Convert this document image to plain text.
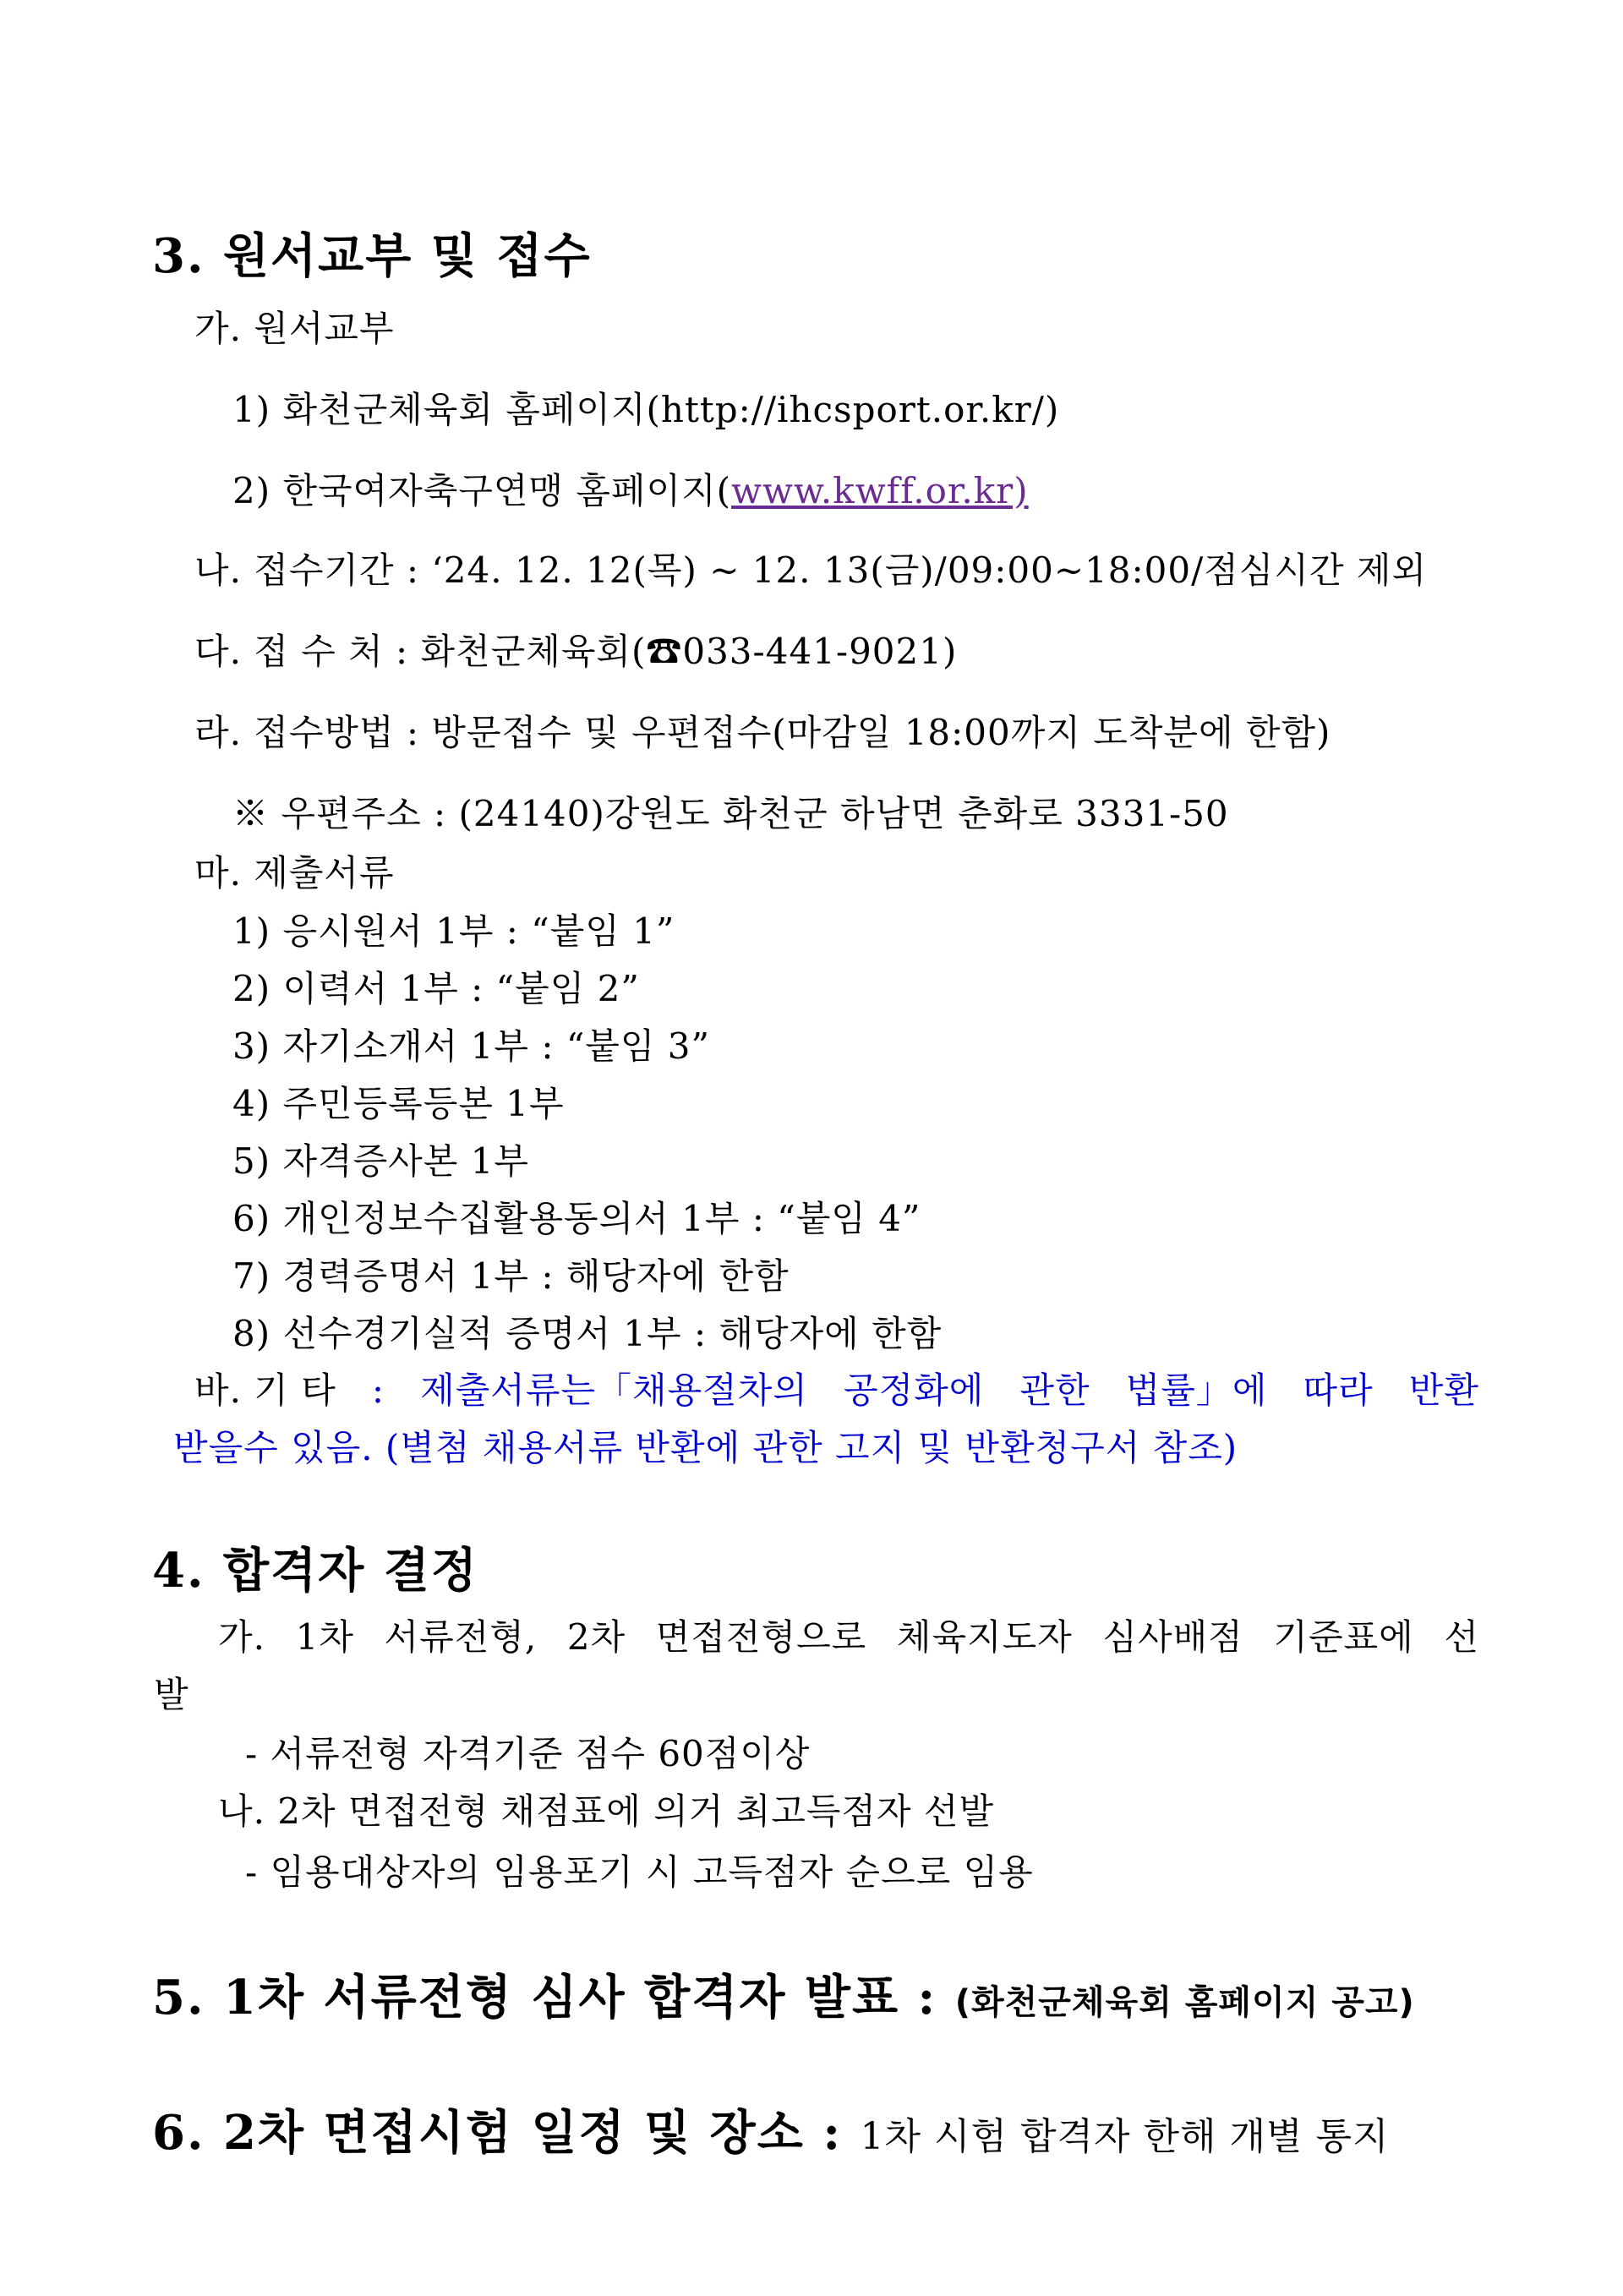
3. 원서교부 및 접수
가. 원서교부
1) 화천군체육회 홈페이지(http://ihcsport.or.kr/)
2) 한국여자축구연맹 홈페이지(www.kwff.or.kr)
나. 접수기간 : ‘24. 12. 12(목) ~ 12. 13(금)/09:00~18:00/점심시간 제외
다. 접 수 처 : 화천군체육회(☎033-441-9021)
라. 접수방법 : 방문접수 및 우편접수(마감일 18:00까지 도착분에 한함)
※ 우편주소 : (24140)강원도 화천군 하남면 춘화로 3331-50
마. 제출서류
1) 응시원서 1부 : “붙임 1”
2) 이력서 1부 : “붙임 2”
3) 자기소개서 1부 : “붙임 3”
4) 주민등록등본 1부
5) 자격증사본 1부
6) 개인정보수집활용동의서 1부 : “붙임 4”
7) 경력증명서 1부 : 해당자에 한함
8) 선수경기실적 증명서 1부 : 해당자에 한함
바. 기 타 : 제출서류는「채용절차의 공정화에 관한 법률」에 따라 반환
받을수 있음. (별첨 채용서류 반환에 관한 고지 및 반환청구서 참조)
4. 합격자 결정
가. 1차 서류전형, 2차 면접전형으로 체육지도자 심사배점 기준표에 선
발
- 서류전형 자격기준 점수 60점이상
나. 2차 면접전형 채점표에 의거 최고득점자 선발
- 임용대상자의 임용포기 시 고득점자 순으로 임용
5. 1차 서류전형 심사 합격자 발표 : (화천군체육회 홈페이지 공고)
6. 2차 면접시험 일정 및 장소 : 1차 시험 합격자 한해 개별 통지
